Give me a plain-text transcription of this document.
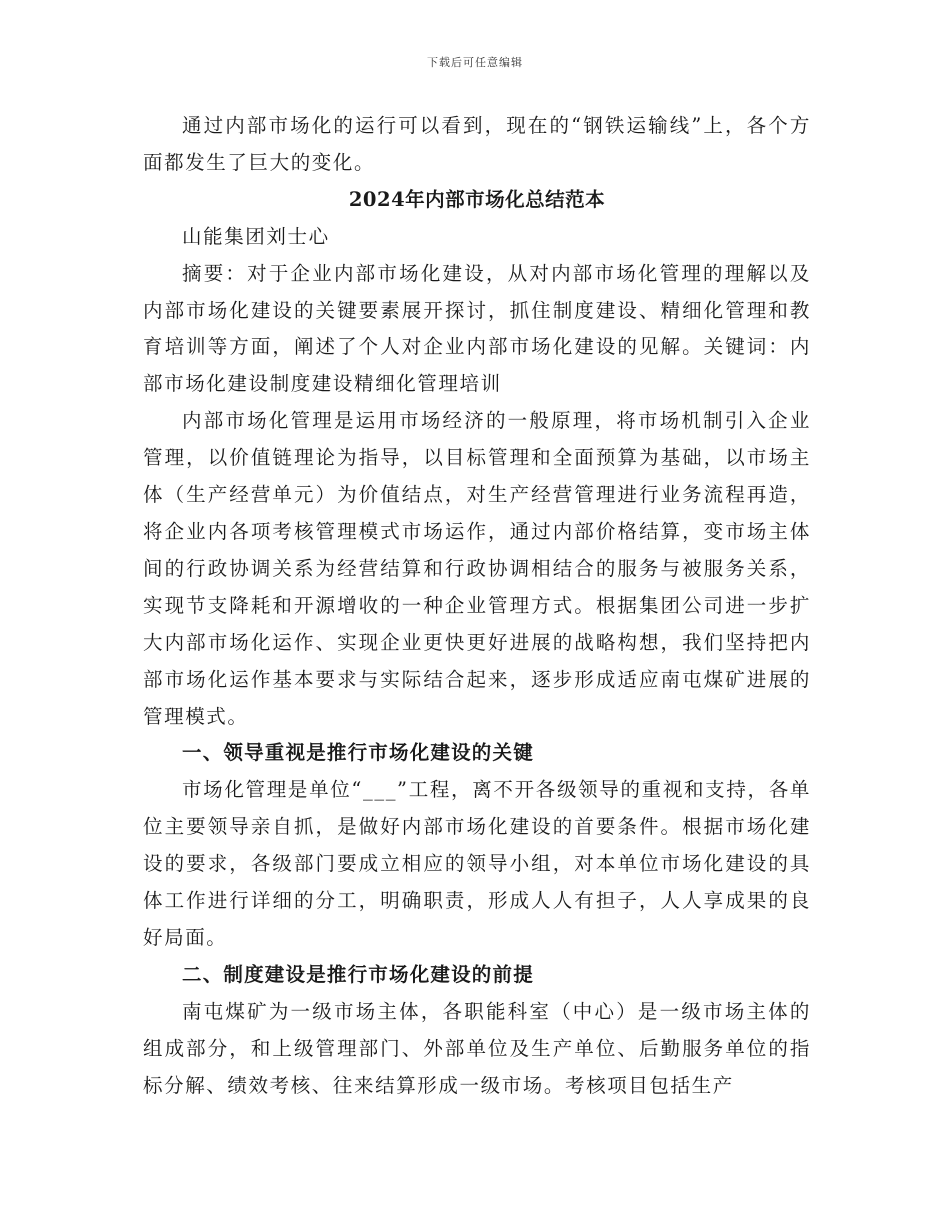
下载后可任意编辑

通过内部市场化的运行可以看到，现在的“钢铁运输线”上，各个方面都发生了巨大的变化。

2024年内部市场化总结范本

山能集团刘士心

摘要：对于企业内部市场化建设，从对内部市场化管理的理解以及内部市场化建设的关键要素展开探讨，抓住制度建设、精细化管理和教育培训等方面，阐述了个人对企业内部市场化建设的见解。关键词：内部市场化建设制度建设精细化管理培训

内部市场化管理是运用市场经济的一般原理，将市场机制引入企业管理，以价值链理论为指导，以目标管理和全面预算为基础，以市场主体（生产经营单元）为价值结点，对生产经营管理进行业务流程再造，将企业内各项考核管理模式市场运作，通过内部价格结算，变市场主体间的行政协调关系为经营结算和行政协调相结合的服务与被服务关系，实现节支降耗和开源增收的一种企业管理方式。根据集团公司进一步扩大内部市场化运作、实现企业更快更好进展的战略构想，我们坚持把内部市场化运作基本要求与实际结合起来，逐步形成适应南屯煤矿进展的管理模式。

一、领导重视是推行市场化建设的关键

市场化管理是单位“___”工程，离不开各级领导的重视和支持，各单位主要领导亲自抓，是做好内部市场化建设的首要条件。根据市场化建设的要求，各级部门要成立相应的领导小组，对本单位市场化建设的具体工作进行详细的分工，明确职责，形成人人有担子，人人享成果的良好局面。

二、制度建设是推行市场化建设的前提

南屯煤矿为一级市场主体，各职能科室（中心）是一级市场主体的组成部分，和上级管理部门、外部单位及生产单位、后勤服务单位的指标分解、绩效考核、往来结算形成一级市场。考核项目包括生产
